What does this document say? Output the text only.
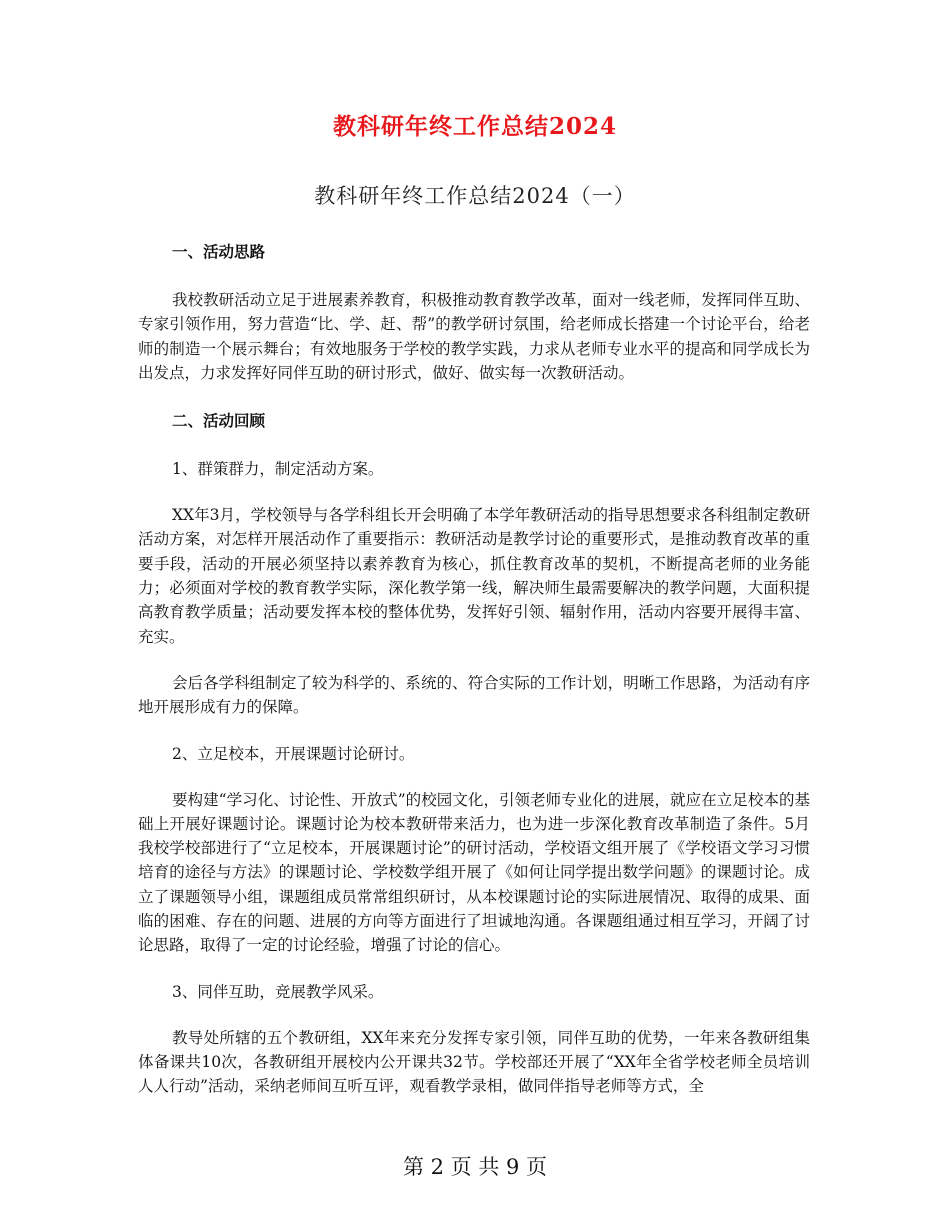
教科研年终工作总结2024
教科研年终工作总结2024（一）

一、活动思路

我校教研活动立足于进展素养教育，积极推动教育教学改革，面对一线老师，发挥同伴互助、专家引领作用，努力营造“比、学、赶、帮”的教学研讨氛围，给老师成长搭建一个讨论平台，给老师的制造一个展示舞台；有效地服务于学校的教学实践，力求从老师专业水平的提高和同学成长为出发点，力求发挥好同伴互助的研讨形式，做好、做实每一次教研活动。

二、活动回顾

1、群策群力，制定活动方案。

XX年3月，学校领导与各学科组长开会明确了本学年教研活动的指导思想要求各科组制定教研活动方案，对怎样开展活动作了重要指示：教研活动是教学讨论的重要形式，是推动教育改革的重要手段，活动的开展必须坚持以素养教育为核心，抓住教育改革的契机，不断提高老师的业务能力；必须面对学校的教育教学实际，深化教学第一线，解决师生最需要解决的教学问题，大面积提高教育教学质量；活动要发挥本校的整体优势，发挥好引领、辐射作用，活动内容要开展得丰富、充实。

会后各学科组制定了较为科学的、系统的、符合实际的工作计划，明晰工作思路，为活动有序地开展形成有力的保障。

2、立足校本，开展课题讨论研讨。

要构建“学习化、讨论性、开放式”的校园文化，引领老师专业化的进展，就应在立足校本的基础上开展好课题讨论。课题讨论为校本教研带来活力，也为进一步深化教育改革制造了条件。5月我校学校部进行了“立足校本，开展课题讨论”的研讨活动，学校语文组开展了《学校语文学习习惯培育的途径与方法》的课题讨论、学校数学组开展了《如何让同学提出数学问题》的课题讨论。成立了课题领导小组，课题组成员常常组织研讨，从本校课题讨论的实际进展情况、取得的成果、面临的困难、存在的问题、进展的方向等方面进行了坦诚地沟通。各课题组通过相互学习，开阔了讨论思路，取得了一定的讨论经验，增强了讨论的信心。

3、同伴互助，竞展教学风采。

教导处所辖的五个教研组，XX年来充分发挥专家引领，同伴互助的优势，一年来各教研组集体备课共10次，各教研组开展校内公开课共32节。学校部还开展了“XX年全省学校老师全员培训人人行动”活动，采纳老师间互听互评，观看教学录相，做同伴指导老师等方式，全

第 2 页 共 9 页
